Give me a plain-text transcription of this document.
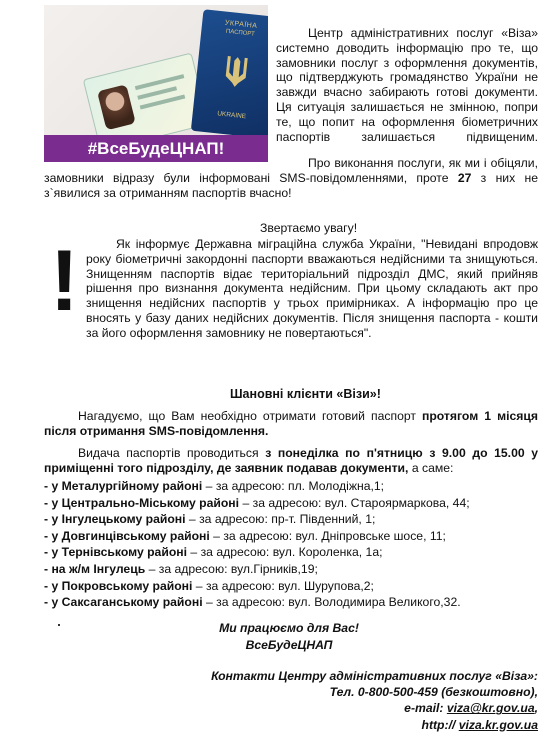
УКРАЇНА
ПАСПОРТ
UKRAINE
#ВсеБудеЦНАП!
Центр адміністративних послуг «Віза» системно доводить інформацію про те, що замовники послуг з оформлення документів, що підтверджують громадянство України не завжди вчасно забирають готові документи. Ця ситуація залишається не змінною, попри те, що попит на оформлення біометричних паспортів залишається підвищеним.
Про виконання послуги, як ми і обіцяли, замовники відразу були інформовані SMS-повідомленнями, проте 27 з них не з`явилися за отриманням паспортів вчасно!
Звертаємо увагу!
!	Як інформує Державна міграційна служба України, "Невидані впродовж року біометричні закордонні паспорти вважаються недійсними та знищуються. Знищенням паспортів відає територіальний підрозділ ДМС, який прийняв рішення про визнання документа недійсним. При цьому складають акт про знищення недійсних паспортів у трьох примірниках. А інформацію про це вносять у базу даних недійсних документів. Після знищення паспорта - кошти за його оформлення замовнику не повертаються".
Шановні клієнти «Візи»!
Нагадуємо, що Вам необхідно отримати готовий паспорт протягом 1 місяця після отримання SMS-повідомлення.
Видача паспортів проводиться з понеділка по п'ятницю з 9.00 до 15.00 у приміщенні того підрозділу, де заявник подавав документи, а саме:
- у Металургійному районі – за адресою: пл. Молодіжна,1;
- у Центрально-Міському районі – за адресою: вул. Староярмаркова, 44;
- у Інгулецькому районі – за адресою: пр-т. Південний, 1;
- у Довгинцівському районі – за адресою: вул. Дніпровське шосе, 11;
- у Тернівському районі – за адресою: вул. Короленка, 1а;
- на ж/м Інгулець – за адресою: вул.Гірників,19;
- у Покровському районі – за адресою: вул. Шурупова,2;
- у Саксаганському районі – за адресою: вул. Володимира Великого,32.
Ми працюємо для Вас!
ВсеБудеЦНАП
Контакти Центру адміністративних послуг «Віза»:
Тел. 0-800-500-459 (безкоштовно),
e-mail: viza@kr.gov.ua,
http:// viza.kr.gov.ua
